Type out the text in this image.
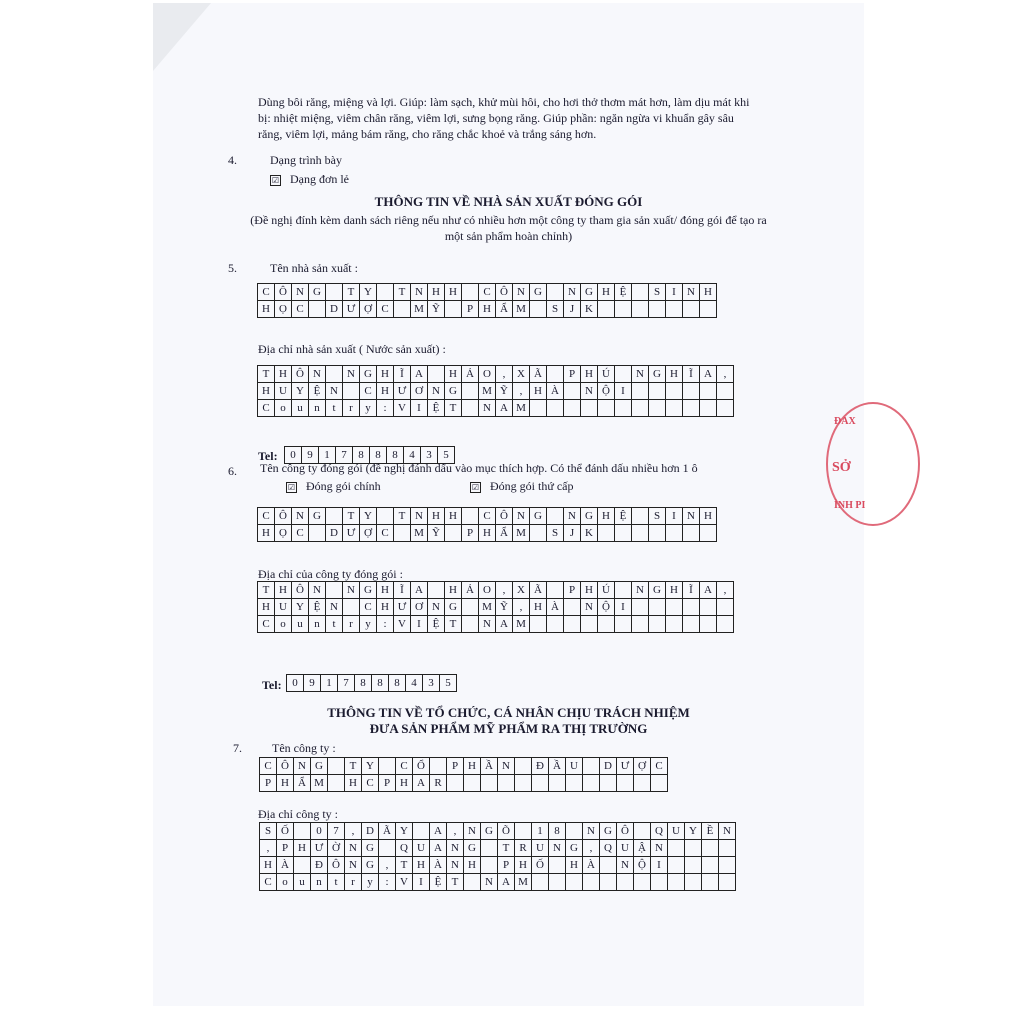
Dùng bôi răng, miệng và lợi. Giúp: làm sạch, khử mùi hôi, cho hơi thở thơm mát hơn, làm dịu mát khi
bị: nhiệt miệng, viêm chân răng, viêm lợi, sưng bọng răng. Giúp phần: ngăn ngừa vi khuẩn gây sâu
răng, viêm lợi, mảng bám răng, cho răng chắc khoẻ và trắng sáng hơn.
4.	Dạng trình bày
☑ Dạng đơn lẻ
THÔNG TIN VỀ NHÀ SẢN XUẤT ĐÓNG GÓI
(Đề nghị đính kèm danh sách riêng nếu như có nhiều hơn một công ty tham gia sản xuất/ đóng gói để tạo ra
một sản phẩm hoàn chỉnh)
5.	Tên nhà sản xuất :
C	Ô	N	G		T	Y		T	N	H	H		C	Ô	N	G		N	G	H	Ệ		S	I	N	H
H	Ọ	C		D	Ư	Ợ	C		M	Ỹ		P	H	Ẩ	M		S	J	K							
Địa chỉ nhà sản xuất ( Nước sản xuất) :
T	H	Ô	N		N	G	H	Ĩ	A		H	Ả	O	,	X	Ã		P	H	Ú		N	G	H	Ĩ	A	,
H	U	Y	Ệ	N		C	H	Ư	Ơ	N	G		M	Ỹ	,	H	À		N	Ộ	I						
C	o	u	n	t	r	y	:	V	I	Ệ	T		N	A	M												
Tel: 0	9	1	7	8	8	8	4	3	5
6. Tên công ty đóng gói (đề nghị đánh dấu vào mục thích hợp. Có thể đánh dấu nhiều hơn 1 ô
☑ Đóng gói chính	☑ Đóng gói thứ cấp
C	Ô	N	G		T	Y		T	N	H	H		C	Ô	N	G		N	G	H	Ệ		S	I	N	H
H	Ọ	C		D	Ư	Ợ	C		M	Ỹ		P	H	Ẩ	M		S	J	K							
Địa chỉ của công ty đóng gói :
T	H	Ô	N		N	G	H	Ĩ	A		H	Ả	O	,	X	Ã		P	H	Ú		N	G	H	Ĩ	A	,
H	U	Y	Ệ	N		C	H	Ư	Ơ	N	G		M	Ỹ	,	H	À		N	Ộ	I						
C	o	u	n	t	r	y	:	V	I	Ệ	T		N	A	M												
Tel: 0	9	1	7	8	8	8	4	3	5
THÔNG TIN VỀ TỔ CHỨC, CÁ NHÂN CHỊU TRÁCH NHIỆM
ĐƯA SẢN PHẨM MỸ PHẨM RA THỊ TRƯỜNG
7.	Tên công ty :
C	Ô	N	G		T	Y		C	Ổ		P	H	Ầ	N		Đ	Ầ	U		D	Ư	Ợ	C
P	H	Ẩ	M		H	C	P	H	A	R													
Địa chỉ công ty :
S	Ố		0	7	,	D	Ã	Y		A	,	N	G	Õ		1	8		N	G	Ô		Q	U	Y	Ề	N
,	P	H	Ư	Ờ	N	G		Q	U	A	N	G		T	R	U	N	G	,	Q	U	Ậ	N				
H	À		Đ	Ô	N	G	,	T	H	À	N	H		P	H	Ố		H	À		N	Ộ	I				
C	o	u	n	t	r	y	:	V	I	Ệ	T		N	A	M												
ĐAX
SỞ
ÌNH PI
